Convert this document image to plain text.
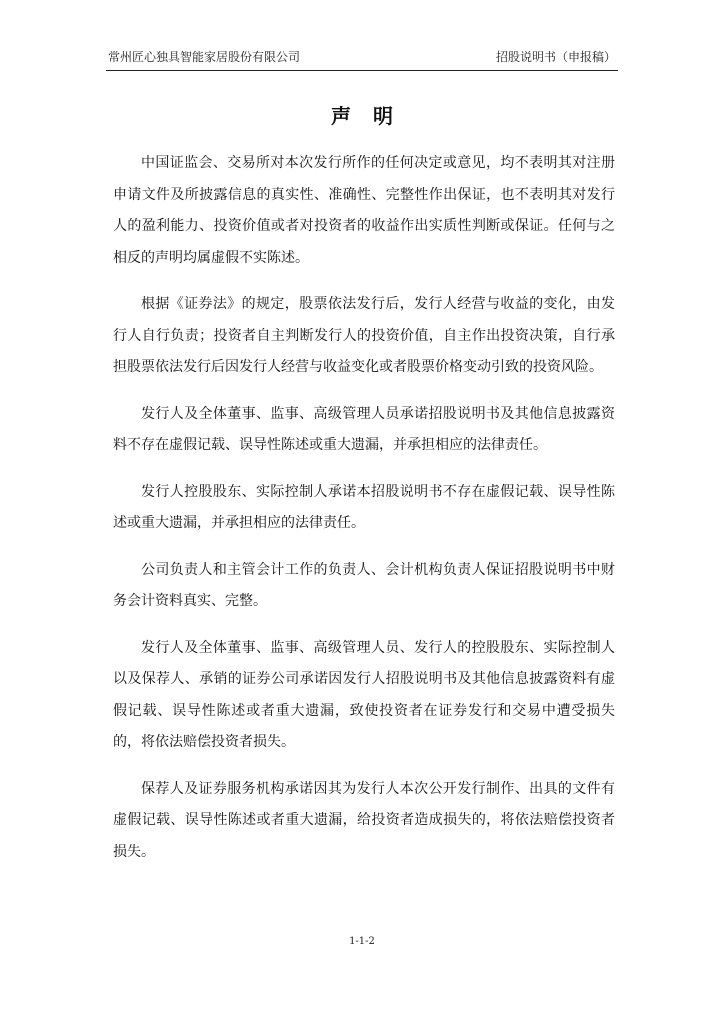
常州匠心独具智能家居股份有限公司	招股说明书（申报稿）
声明

中国证监会、交易所对本次发行所作的任何决定或意见，均不表明其对注册申请文件及所披露信息的真实性、准确性、完整性作出保证，也不表明其对发行人的盈利能力、投资价值或者对投资者的收益作出实质性判断或保证。任何与之相反的声明均属虚假不实陈述。

根据《证券法》的规定，股票依法发行后，发行人经营与收益的变化，由发行人自行负责；投资者自主判断发行人的投资价值，自主作出投资决策，自行承担股票依法发行后因发行人经营与收益变化或者股票价格变动引致的投资风险。

发行人及全体董事、监事、高级管理人员承诺招股说明书及其他信息披露资料不存在虚假记载、误导性陈述或重大遗漏，并承担相应的法律责任。

发行人控股股东、实际控制人承诺本招股说明书不存在虚假记载、误导性陈述或重大遗漏，并承担相应的法律责任。

公司负责人和主管会计工作的负责人、会计机构负责人保证招股说明书中财务会计资料真实、完整。

发行人及全体董事、监事、高级管理人员、发行人的控股股东、实际控制人以及保荐人、承销的证券公司承诺因发行人招股说明书及其他信息披露资料有虚假记载、误导性陈述或者重大遗漏，致使投资者在证券发行和交易中遭受损失的，将依法赔偿投资者损失。

保荐人及证券服务机构承诺因其为发行人本次公开发行制作、出具的文件有虚假记载、误导性陈述或者重大遗漏，给投资者造成损失的，将依法赔偿投资者损失。

1-1-2
